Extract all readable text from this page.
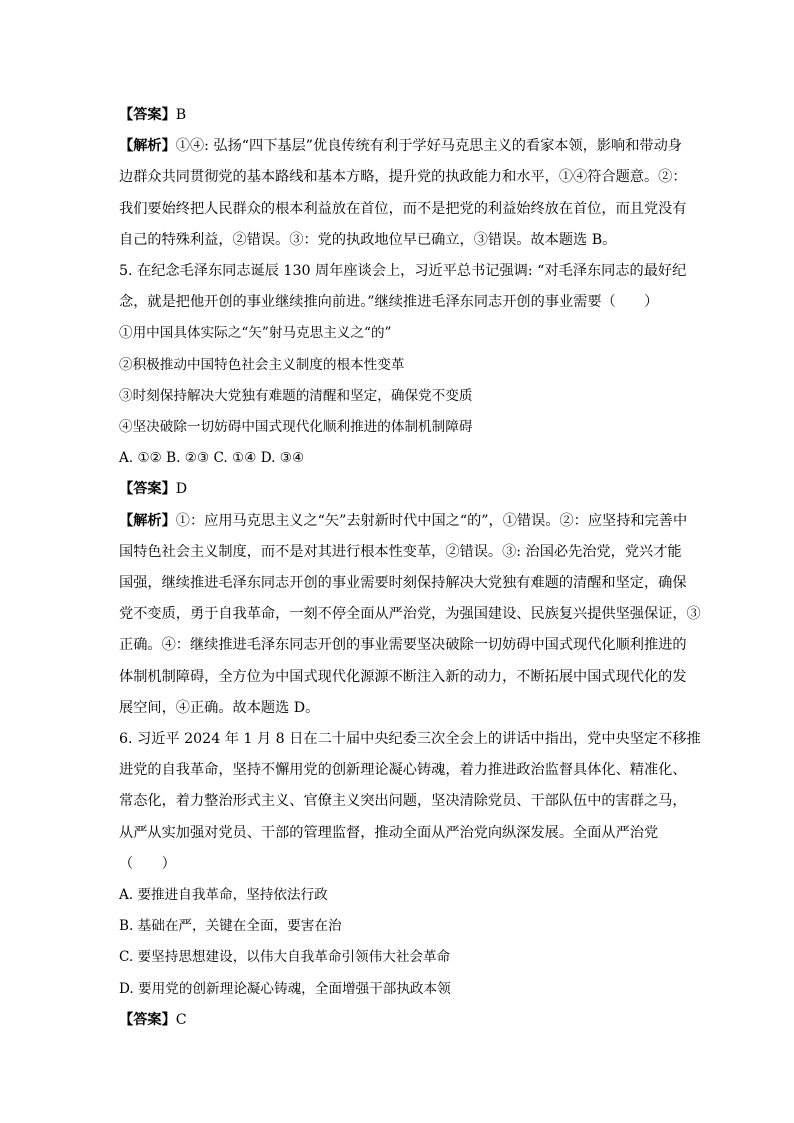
【答案】B
【解析】①④: 弘扬“四下基层”优良传统有利于学好马克思主义的看家本领，影响和带动身
边群众共同贯彻党的基本路线和基本方略，提升党的执政能力和水平，①④符合题意。②：
我们要始终把人民群众的根本利益放在首位，而不是把党的利益始终放在首位，而且党没有
自己的特殊利益，②错误。③：党的执政地位早已确立，③错误。故本题选 B。
5. 在纪念毛泽东同志诞辰 130 周年座谈会上，习近平总书记强调: “对毛泽东同志的最好纪
念，就是把他开创的事业继续推向前进。”继续推进毛泽东同志开创的事业需要（　　）
①用中国具体实际之“矢”射马克思主义之“的”
②积极推动中国特色社会主义制度的根本性变革
③时刻保持解决大党独有难题的清醒和坚定，确保党不变质
④坚决破除一切妨碍中国式现代化顺利推进的体制机制障碍
A. ①② B. ②③ C. ①④ D. ③④
【答案】D
【解析】①：应用马克思主义之“矢”去射新时代中国之“的”，①错误。②：应坚持和完善中
国特色社会主义制度，而不是对其进行根本性变革，②错误。③: 治国必先治党，党兴才能
国强，继续推进毛泽东同志开创的事业需要时刻保持解决大党独有难题的清醒和坚定，确保
党不变质，勇于自我革命，一刻不停全面从严治党，为强国建设、民族复兴提供坚强保证，③
正确。④：继续推进毛泽东同志开创的事业需要坚决破除一切妨碍中国式现代化顺利推进的
体制机制障碍，全方位为中国式现代化源源不断注入新的动力，不断拓展中国式现代化的发
展空间，④正确。故本题选 D。
6. 习近平 2024 年 1 月 8 日在二十届中央纪委三次全会上的讲话中指出，党中央坚定不移推
进党的自我革命，坚持不懈用党的创新理论凝心铸魂，着力推进政治监督具体化、精准化、
常态化，着力整治形式主义、官僚主义突出问题，坚决清除党员、干部队伍中的害群之马，
从严从实加强对党员、干部的管理监督，推动全面从严治党向纵深发展。全面从严治党
（　　）
A. 要推进自我革命，坚持依法行政
B. 基础在严，关键在全面，要害在治
C. 要坚持思想建设，以伟大自我革命引领伟大社会革命
D. 要用党的创新理论凝心铸魂，全面增强干部执政本领
【答案】C
